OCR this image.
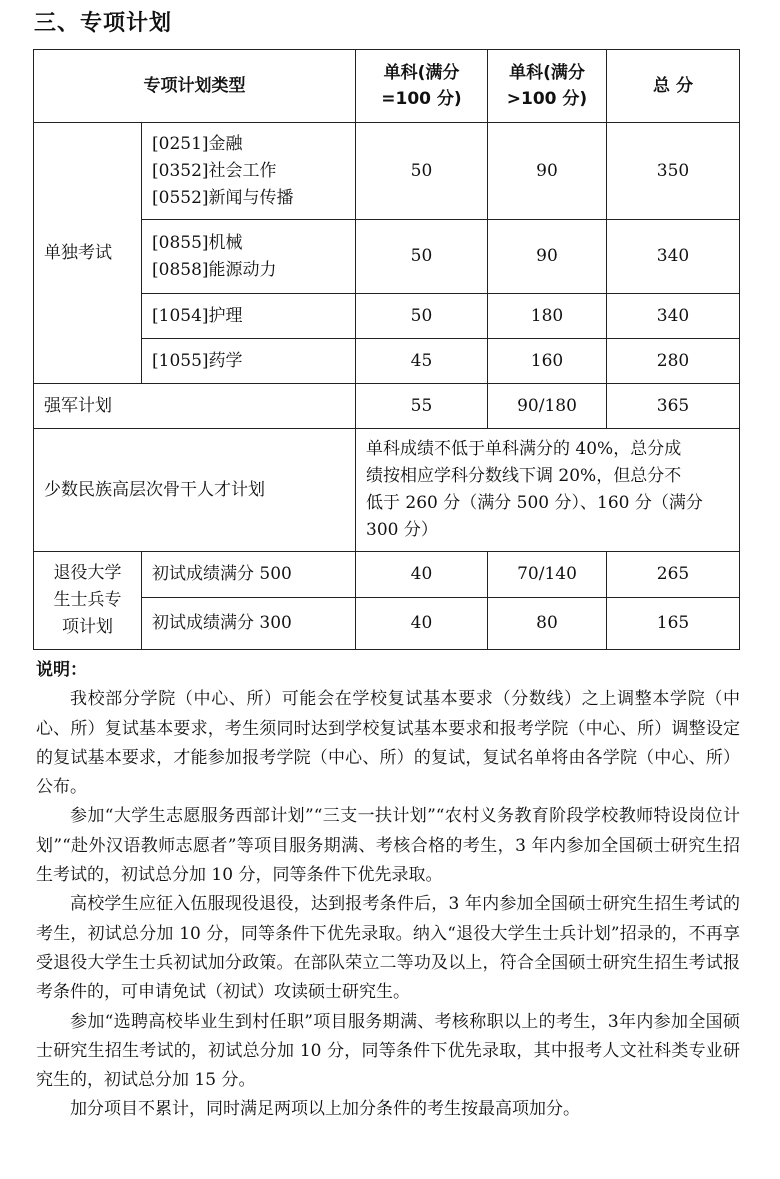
三、专项计划
专项计划类型		单科(满分
=100 分)	单科(满分
>100 分)	总 分
单独考试	[0251]金融
[0352]社会工作
[0552]新闻与传播	50	90	350

	[0855]机械
[0858]能源动力	50	90	340

	[1054]护理	50	180	340

	[1055]药学	45	160	280
强军计划		55	90/180	365
少数民族高层次骨干人才计划		单科成绩不低于单科满分的 40%，总分成
绩按相应学科分数线下调 20%，但总分不
低于 260 分（满分 500 分）、160 分（满分
300 分）		

退役大学
生士兵专
项计划	初试成绩满分 500	40	70/140	265
	初试成绩满分 300	40	80	165

说明：

我校部分学院（中心、所）可能会在学校复试基本要求（分数线）之上调整本学院（中心、所）复试基本要求，考生须同时达到学校复试基本要求和报考学院（中心、所）调整设定的复试基本要求，才能参加报考学院（中心、所）的复试，复试名单将由各学院（中心、所）公布。

参加“大学生志愿服务西部计划”“三支一扶计划”“农村义务教育阶段学校教师特设岗位计划”“赴外汉语教师志愿者”等项目服务期满、考核合格的考生，3 年内参加全国硕士研究生招生考试的，初试总分加 10 分，同等条件下优先录取。

高校学生应征入伍服现役退役，达到报考条件后，3 年内参加全国硕士研究生招生考试的考生，初试总分加 10 分，同等条件下优先录取。纳入“退役大学生士兵计划”招录的，不再享受退役大学生士兵初试加分政策。在部队荣立二等功及以上，符合全国硕士研究生招生考试报考条件的，可申请免试（初试）攻读硕士研究生。

参加“选聘高校毕业生到村任职”项目服务期满、考核称职以上的考生，3年内参加全国硕士研究生招生考试的，初试总分加 10 分，同等条件下优先录取，其中报考人文社科类专业研究生的，初试总分加 15 分。

加分项目不累计，同时满足两项以上加分条件的考生按最高项加分。
